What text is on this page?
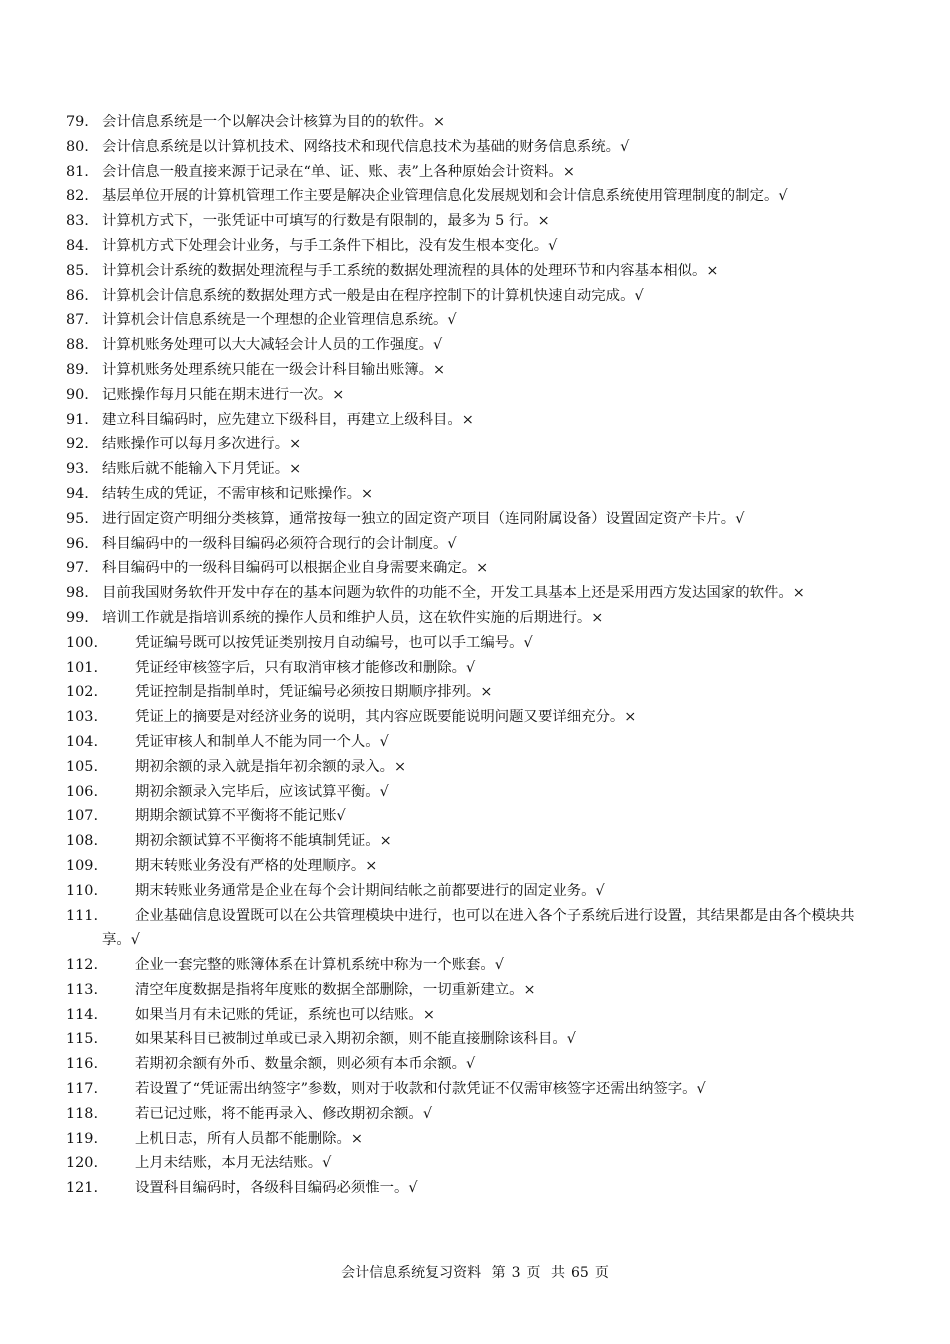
79. 会计信息系统是一个以解决会计核算为目的的软件。×
80. 会计信息系统是以计算机技术、网络技术和现代信息技术为基础的财务信息系统。√
81. 会计信息一般直接来源于记录在“单、证、账、表”上各种原始会计资料。×
82. 基层单位开展的计算机管理工作主要是解决企业管理信息化发展规划和会计信息系统使用管理制度的制定。√
83. 计算机方式下，一张凭证中可填写的行数是有限制的，最多为 5 行。×
84. 计算机方式下处理会计业务，与手工条件下相比，没有发生根本变化。√
85. 计算机会计系统的数据处理流程与手工系统的数据处理流程的具体的处理环节和内容基本相似。×
86. 计算机会计信息系统的数据处理方式一般是由在程序控制下的计算机快速自动完成。√
87. 计算机会计信息系统是一个理想的企业管理信息系统。√
88. 计算机账务处理可以大大减轻会计人员的工作强度。√
89. 计算机账务处理系统只能在一级会计科目输出账簿。×
90. 记账操作每月只能在期末进行一次。×
91. 建立科目编码时，应先建立下级科目，再建立上级科目。×
92. 结账操作可以每月多次进行。×
93. 结账后就不能输入下月凭证。×
94. 结转生成的凭证，不需审核和记账操作。×
95. 进行固定资产明细分类核算，通常按每一独立的固定资产项目（连同附属设备）设置固定资产卡片。√
96. 科目编码中的一级科目编码必须符合现行的会计制度。√
97. 科目编码中的一级科目编码可以根据企业自身需要来确定。×
98. 目前我国财务软件开发中存在的基本问题为软件的功能不全，开发工具基本上还是采用西方发达国家的软件。×
99. 培训工作就是指培训系统的操作人员和维护人员，这在软件实施的后期进行。×
100.	凭证编号既可以按凭证类别按月自动编号，也可以手工编号。√
101.	凭证经审核签字后，只有取消审核才能修改和删除。√
102.	凭证控制是指制单时，凭证编号必须按日期顺序排列。×
103.	凭证上的摘要是对经济业务的说明，其内容应既要能说明问题又要详细充分。×
104.	凭证审核人和制单人不能为同一个人。√
105.	期初余额的录入就是指年初余额的录入。×
106.	期初余额录入完毕后，应该试算平衡。√
107.	期期余额试算不平衡将不能记账√
108.	期初余额试算不平衡将不能填制凭证。×
109.	期末转账业务没有严格的处理顺序。×
110.	期末转账业务通常是企业在每个会计期间结帐之前都要进行的固定业务。√
111.	企业基础信息设置既可以在公共管理模块中进行，也可以在进入各个子系统后进行设置，其结果都是由各个模块共享。√
112.	企业一套完整的账簿体系在计算机系统中称为一个账套。√
113.	清空年度数据是指将年度账的数据全部删除，一切重新建立。×
114.	如果当月有未记账的凭证，系统也可以结账。×
115.	如果某科目已被制过单或已录入期初余额，则不能直接删除该科目。√
116.	若期初余额有外币、数量余额，则必须有本币余额。√
117.	若设置了“凭证需出纳签字”参数，则对于收款和付款凭证不仅需审核签字还需出纳签字。√
118.	若已记过账，将不能再录入、修改期初余额。√
119.	上机日志，所有人员都不能删除。×
120.	上月未结账，本月无法结账。√
121.	设置科目编码时，各级科目编码必须惟一。√
会计信息系统复习资料 第 3 页 共 65 页
